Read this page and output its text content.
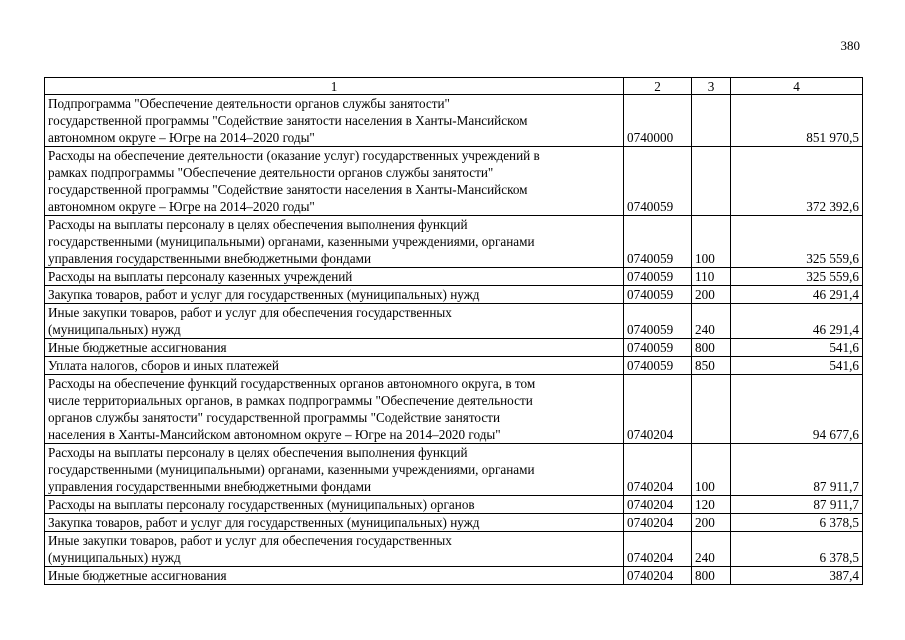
380
1	2	3	4
Подпрограмма "Обеспечение деятельности органов службы занятости"
государственной программы "Содействие занятости населения в Ханты-Мансийском
автономном округе – Югре на 2014–2020 годы"	0740000		851 970,5
Расходы на обеспечение деятельности (оказание услуг) государственных учреждений в
рамках подпрограммы "Обеспечение деятельности органов службы занятости"
государственной программы "Содействие занятости населения в Ханты-Мансийском
автономном округе – Югре на 2014–2020 годы"	0740059		372 392,6
Расходы на выплаты персоналу в целях обеспечения выполнения функций
государственными (муниципальными) органами, казенными учреждениями, органами
управления государственными внебюджетными фондами	0740059	100	325 559,6
Расходы на выплаты персоналу казенных учреждений	0740059	110	325 559,6
Закупка товаров, работ и услуг для государственных (муниципальных) нужд	0740059	200	46 291,4
Иные закупки товаров, работ и услуг для обеспечения государственных
(муниципальных) нужд	0740059	240	46 291,4
Иные бюджетные ассигнования	0740059	800	541,6
Уплата налогов, сборов и иных платежей	0740059	850	541,6
Расходы на обеспечение функций государственных органов автономного округа, в том
числе территориальных органов, в рамках подпрограммы "Обеспечение деятельности
органов службы занятости" государственной программы "Содействие занятости
населения в Ханты-Мансийском автономном округе – Югре на 2014–2020 годы"	0740204		94 677,6
Расходы на выплаты персоналу в целях обеспечения выполнения функций
государственными (муниципальными) органами, казенными учреждениями, органами
управления государственными внебюджетными фондами	0740204	100	87 911,7
Расходы на выплаты персоналу государственных (муниципальных) органов	0740204	120	87 911,7
Закупка товаров, работ и услуг для государственных (муниципальных) нужд	0740204	200	6 378,5
Иные закупки товаров, работ и услуг для обеспечения государственных
(муниципальных) нужд	0740204	240	6 378,5
Иные бюджетные ассигнования	0740204	800	387,4
